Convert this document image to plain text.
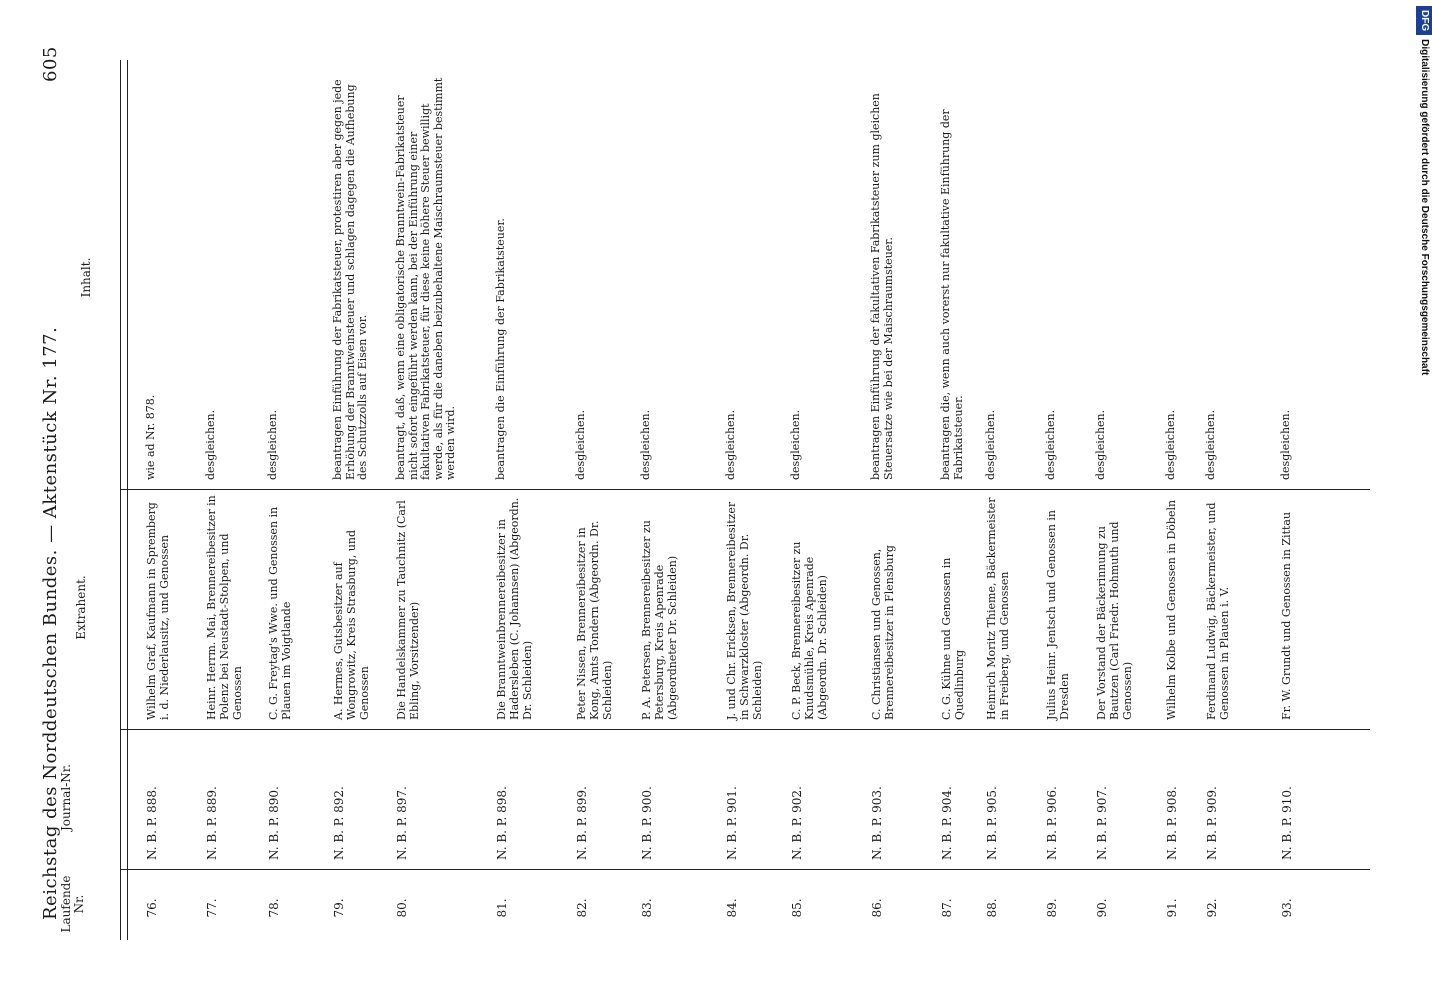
Reichstag des Norddeutschen Bundes. — Aktenstück Nr. 177.
605
Laufende Nr.
Journal-Nr.
Extrahent.
Inhalt.
76.
N. B. P. 888.
Wilhelm Graf, Kaufmann in Spremberg i. d. Niederlausitz, und Genossen
wie ad Nr. 878.
77.
N. B. P. 889.
Heinr. Herrm. Mai, Brennereibesitzer in Polenz bei Neustadt-Stolpen, und Genossen
desgleichen.
78.
N. B. P. 890.
C. G. Freytag's Wwe. und Genossen in Plauen im Voigtlande
desgleichen.
79.
N. B. P. 892.
A. Hermes, Gutsbesitzer auf Wongrowitz, Kreis Strasburg, und Genossen
beantragen Einführung der Fabrikatsteuer, protestiren aber gegen jede Erhöhung der Branntweinsteuer und schlagen dagegen die Aufhebung des Schutzzolls auf Eisen vor.
80.
N. B. P. 897.
Die Handelskammer zu Tauchnitz (Carl Ebling, Vorsitzender)
beantragt, daß, wenn eine obligatorische Branntwein-Fabrikatsteuer nicht sofort eingeführt werden kann, bei der Einführung einer fakultativen Fabrikatsteuer, für diese keine höhere Steuer bewilligt werde, als für die daneben beizubehaltene Maischraumsteuer bestimmt werden wird.
81.
N. B. P. 898.
Die Branntweinbrennereibesitzer in Hadersleben (C. Johannsen) (Abgeordn. Dr. Schleiden)
beantragen die Einführung der Fabrikatsteuer.
82.
N. B. P. 899.
Peter Nissen, Brennereibesitzer in Kong, Amts Tondern (Abgeordn. Dr. Schleiden)
desgleichen.
83.
N. B. P. 900.
P. A. Petersen, Brennereibesitzer zu Petersburg, Kreis Apenrade (Abgeordneter Dr. Schleiden)
desgleichen.
84.
N. B. P. 901.
J. und Chr. Ericksen, Brennereibesitzer in Schwarzkloster (Abgeordn. Dr. Schleiden)
desgleichen.
85.
N. B. P. 902.
C. P. Beck, Brennereibesitzer zu Knudsmühle, Kreis Apenrade (Abgeordn. Dr. Schleiden)
desgleichen.
86.
N. B. P. 903.
C. Christiansen und Genossen, Brennereibesitzer in Flensburg
beantragen Einführung der fakultativen Fabrikatsteuer zum gleichen Steuersatze wie bei der Maischraumsteuer.
87.
N. B. P. 904.
C. G. Kühne und Genossen in Quedlinburg
beantragen die, wenn auch vorerst nur fakultative Einführung der Fabrikatsteuer.
88.
N. B. P. 905.
Heinrich Moritz Thieme, Bäckermeister in Freiberg, und Genossen
desgleichen.
89.
N. B. P. 906.
Julius Heinr. Jentsch und Genossen in Dresden
desgleichen.
90.
N. B. P. 907.
Der Vorstand der Bäckerinnung zu Bautzen (Carl Friedr. Hohmuth und Genossen)
desgleichen.
91.
N. B. P. 908.
Wilhelm Kolbe und Genossen in Döbeln
desgleichen.
92.
N. B. P. 909.
Ferdinand Ludwig, Bäckermeister, und Genossen in Plauen i. V.
desgleichen.
93.
N. B. P. 910.
Fr. W. Grundt und Genossen in Zittau
desgleichen.
DFGDigitalisierung gefördert durch die Deutsche Forschungsgemeinschaft
